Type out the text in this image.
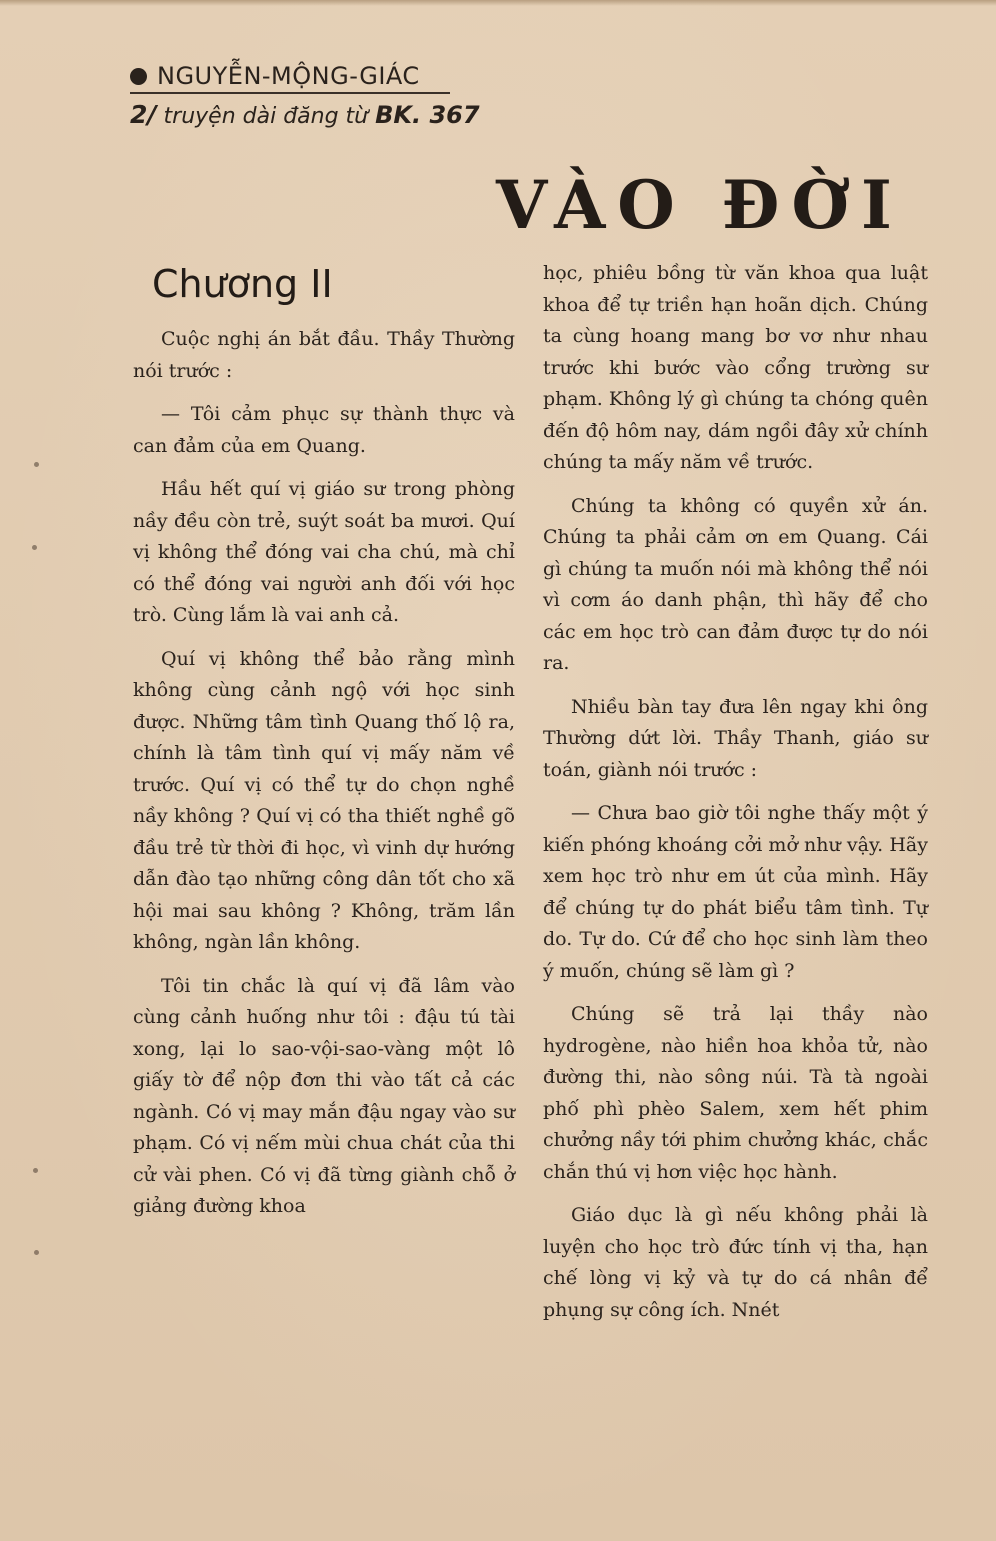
NGUYỄN-MỘNG-GIÁC
2/ truyện dài đăng từ BK. 367
VÀO ĐỜI
Chương II

Cuộc nghị án bắt đầu. Thầy Thường nói trước :

— Tôi cảm phục sự thành thực và can đảm của em Quang.

Hầu hết quí vị giáo sư trong phòng nầy đều còn trẻ, suýt soát ba mươi. Quí vị không thể đóng vai cha chú, mà chỉ có thể đóng vai người anh đối với học trò. Cùng lắm là vai anh cả.

Quí vị không thể bảo rằng mình không cùng cảnh ngộ với học sinh được. Những tâm tình Quang thố lộ ra, chính là tâm tình quí vị mấy năm về trước. Quí vị có thể tự do chọn nghề nầy không ? Quí vị có tha thiết nghề gõ đầu trẻ từ thời đi học, vì vinh dự hướng dẫn đào tạo những công dân tốt cho xã hội mai sau không ? Không, trăm lần không, ngàn lần không.

Tôi tin chắc là quí vị đã lâm vào cùng cảnh huống như tôi : đậu tú tài xong, lại lo sao-vội-sao-vàng một lô giấy tờ để nộp đơn thi vào tất cả các ngành. Có vị may mắn đậu ngay vào sư phạm. Có vị nếm mùi chua chát của thi cử vài phen. Có vị đã từng giành chỗ ở giảng đường khoa

học, phiêu bồng từ văn khoa qua luật khoa để tự triền hạn hoãn dịch. Chúng ta cùng hoang mang bơ vơ như nhau trước khi bước vào cổng trường sư phạm. Không lý gì chúng ta chóng quên đến độ hôm nay, dám ngồi đây xử chính chúng ta mấy năm về trước.

Chúng ta không có quyền xử án. Chúng ta phải cảm ơn em Quang. Cái gì chúng ta muốn nói mà không thể nói vì cơm áo danh phận, thì hãy để cho các em học trò can đảm được tự do nói ra.

Nhiều bàn tay đưa lên ngay khi ông Thường dứt lời. Thầy Thanh, giáo sư toán, giành nói trước :

— Chưa bao giờ tôi nghe thấy một ý kiến phóng khoáng cởi mở như vậy. Hãy xem học trò như em út của mình. Hãy để chúng tự do phát biểu tâm tình. Tự do. Tự do. Cứ để cho học sinh làm theo ý muốn, chúng sẽ làm gì ?

Chúng sẽ trả lại thầy nào hydrogène, nào hiền hoa khỏa tử, nào đường thi, nào sông núi. Tà tà ngoài phố phì phèo Salem, xem hết phim chưởng nầy tới phim chưởng khác, chắc chắn thú vị hơn việc học hành.

Giáo dục là gì nếu không phải là luyện cho học trò đức tính vị tha, hạn chế lòng vị kỷ và tự do cá nhân để phụng sự công ích. Nnét
